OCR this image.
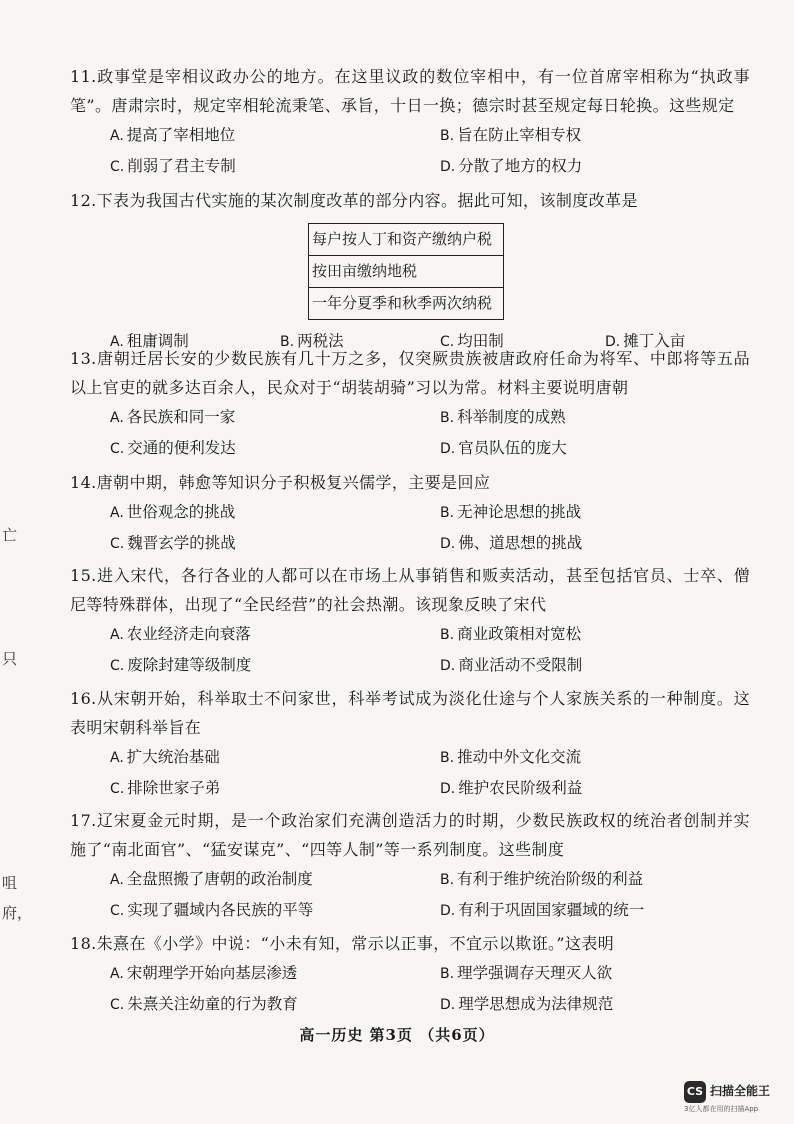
亡
只
咀
府，
11.政事堂是宰相议政办公的地方。在这里议政的数位宰相中，有一位首席宰相称为“执政事笔”。唐肃宗时，规定宰相轮流秉笔、承旨，十日一换；德宗时甚至规定每日轮换。这些规定
A. 提高了宰相地位	B. 旨在防止宰相专权
C. 削弱了君主专制	D. 分散了地方的权力
12.下表为我国古代实施的某次制度改革的部分内容。据此可知，该制度改革是
每户按人丁和资产缴纳户税
按田亩缴纳地税
一年分夏季和秋季两次纳税
A. 租庸调制	B. 两税法	C. 均田制	D. 摊丁入亩
13.唐朝迁居长安的少数民族有几十万之多，仅突厥贵族被唐政府任命为将军、中郎将等五品以上官吏的就多达百余人，民众对于“胡装胡骑”习以为常。材料主要说明唐朝
A. 各民族和同一家	B. 科举制度的成熟
C. 交通的便利发达	D. 官员队伍的庞大
14.唐朝中期，韩愈等知识分子积极复兴儒学，主要是回应
A. 世俗观念的挑战	B. 无神论思想的挑战
C. 魏晋玄学的挑战	D. 佛、道思想的挑战
15.进入宋代，各行各业的人都可以在市场上从事销售和贩卖活动，甚至包括官员、士卒、僧尼等特殊群体，出现了“全民经营”的社会热潮。该现象反映了宋代
A. 农业经济走向衰落	B. 商业政策相对宽松
C. 废除封建等级制度	D. 商业活动不受限制
16.从宋朝开始，科举取士不问家世，科举考试成为淡化仕途与个人家族关系的一种制度。这表明宋朝科举旨在
A. 扩大统治基础	B. 推动中外文化交流
C. 排除世家子弟	D. 维护农民阶级利益
17.辽宋夏金元时期，是一个政治家们充满创造活力的时期，少数民族政权的统治者创制并实施了“南北面官”、“猛安谋克”、“四等人制”等一系列制度。这些制度
A. 全盘照搬了唐朝的政治制度	B. 有利于维护统治阶级的利益
C. 实现了疆域内各民族的平等	D. 有利于巩固国家疆域的统一
18.朱熹在《小学》中说：“小未有知，常示以正事，不宜示以欺诳。”这表明
A. 宋朝理学开始向基层渗透	B. 理学强调存天理灭人欲
C. 朱熹关注幼童的行为教育	D. 理学思想成为法律规范
高一历史 第3页 （共6页）
CS 扫描全能王
3亿人都在用的扫描App
